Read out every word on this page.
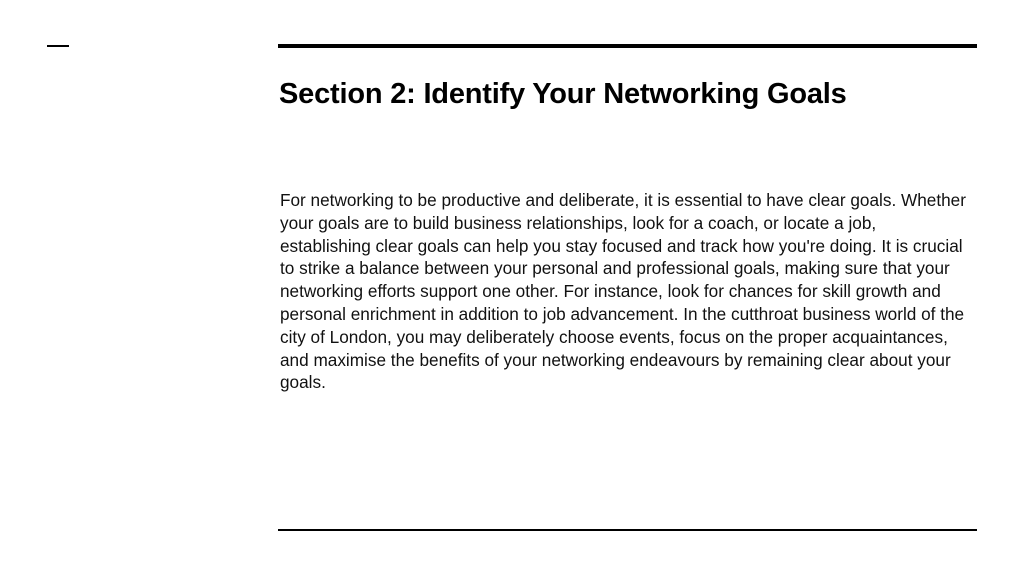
Section 2: Identify Your Networking Goals

For networking to be productive and deliberate, it is essential to have clear goals. Whether your goals are to build business relationships, look for a coach, or locate a job, establishing clear goals can help you stay focused and track how you're doing. It is crucial to strike a balance between your personal and professional goals, making sure that your networking efforts support one other. For instance, look for chances for skill growth and personal enrichment in addition to job advancement. In the cutthroat business world of the city of London, you may deliberately choose events, focus on the proper acquaintances, and maximise the benefits of your networking endeavours by remaining clear about your goals.
